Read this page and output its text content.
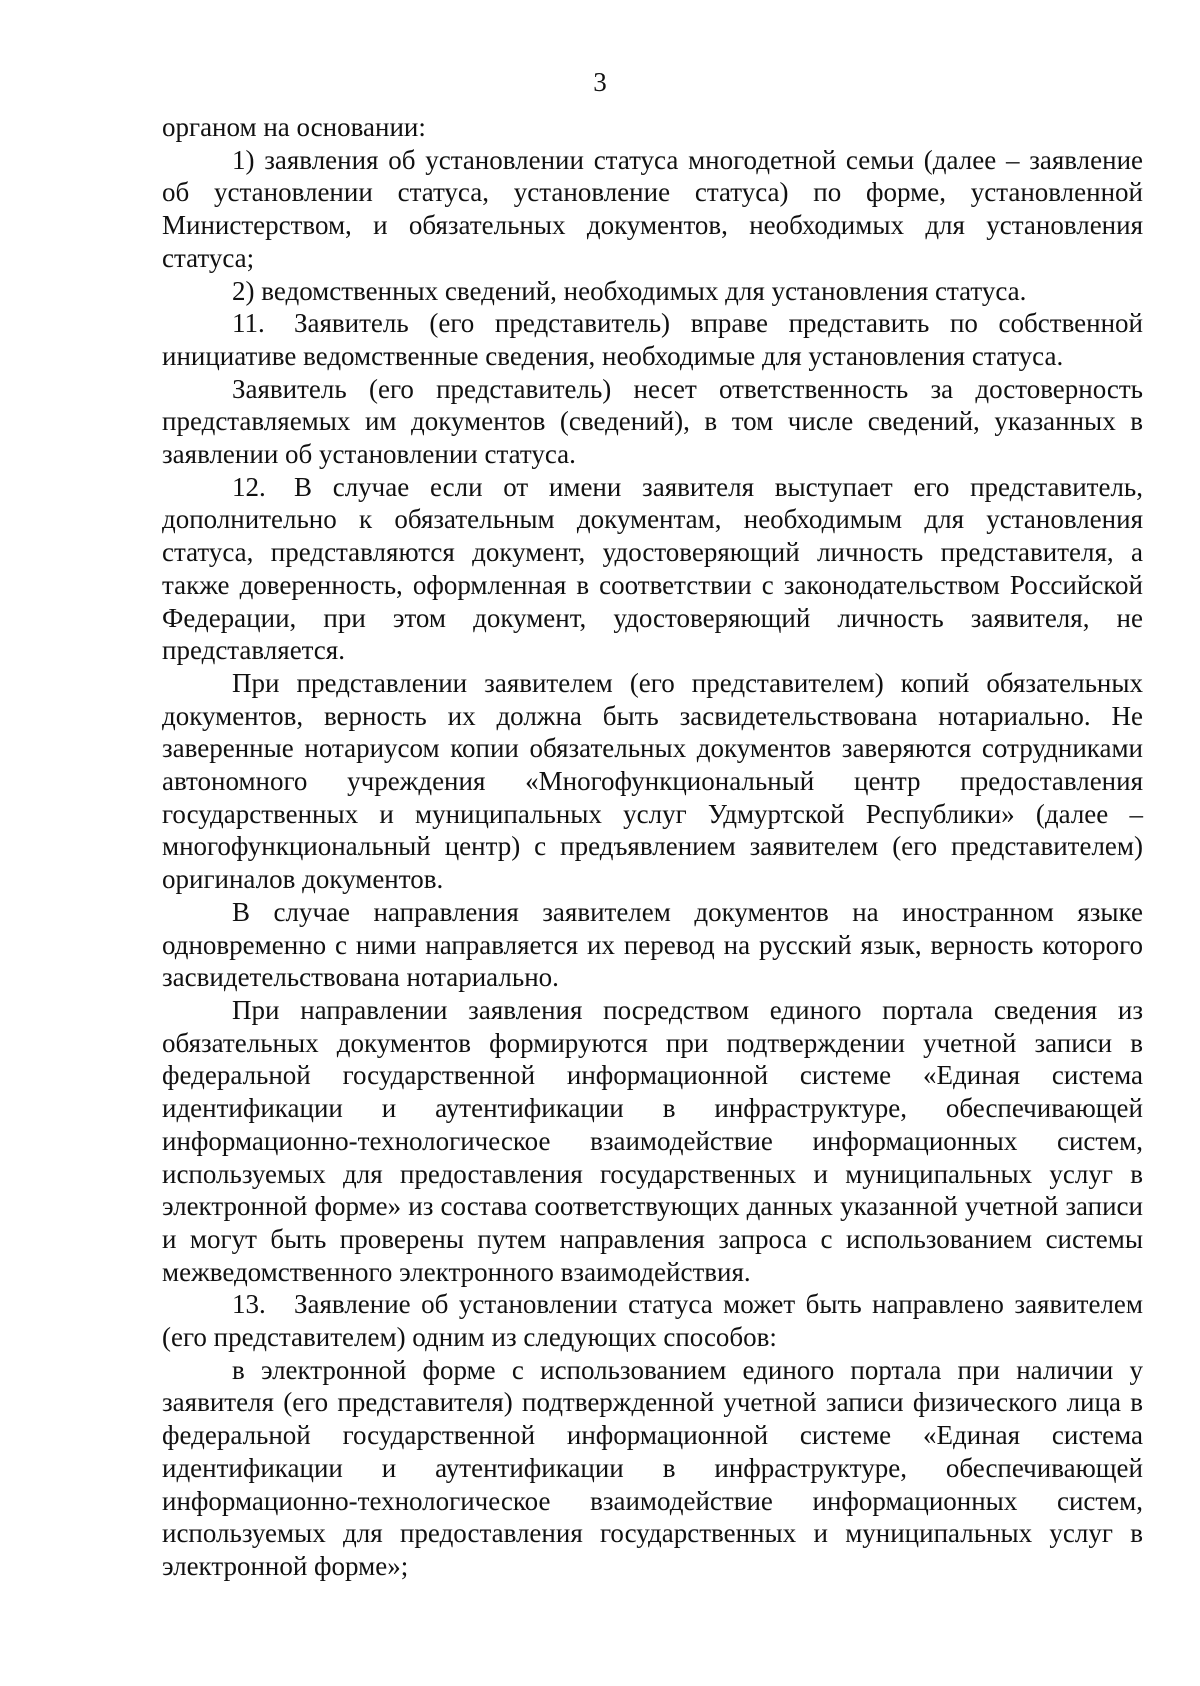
3

органом на основании:

1) заявления об установлении статуса многодетной семьи (далее – заявление об установлении статуса, установление статуса) по форме, установленной Министерством, и обязательных документов, необходимых для установления статуса;

2) ведомственных сведений, необходимых для установления статуса.

11. Заявитель (его представитель) вправе представить по собственной инициативе ведомственные сведения, необходимые для установления статуса.

Заявитель (его представитель) несет ответственность за достоверность представляемых им документов (сведений), в том числе сведений, указанных в заявлении об установлении статуса.

12. В случае если от имени заявителя выступает его представитель, дополнительно к обязательным документам, необходимым для установления статуса, представляются документ, удостоверяющий личность представителя, а также доверенность, оформленная в соответствии с законодательством Российской Федерации, при этом документ, удостоверяющий личность заявителя, не представляется.

При представлении заявителем (его представителем) копий обязательных документов, верность их должна быть засвидетельствована нотариально. Не заверенные нотариусом копии обязательных документов заверяются сотрудниками автономного учреждения «Многофункциональный центр предоставления государственных и муниципальных услуг Удмуртской Республики» (далее – многофункциональный центр) с предъявлением заявителем (его представителем) оригиналов документов.

В случае направления заявителем документов на иностранном языке одновременно с ними направляется их перевод на русский язык, верность которого засвидетельствована нотариально.

При направлении заявления посредством единого портала сведения из обязательных документов формируются при подтверждении учетной записи в федеральной государственной информационной системе «Единая система идентификации и аутентификации в инфраструктуре, обеспечивающей информационно-технологическое взаимодействие информационных систем, используемых для предоставления государственных и муниципальных услуг в электронной форме» из состава соответствующих данных указанной учетной записи и могут быть проверены путем направления запроса с использованием системы межведомственного электронного взаимодействия.

13. Заявление об установлении статуса может быть направлено заявителем (его представителем) одним из следующих способов:

в электронной форме с использованием единого портала при наличии у заявителя (его представителя) подтвержденной учетной записи физического лица в федеральной государственной информационной системе «Единая система идентификации и аутентификации в инфраструктуре, обеспечивающей информационно-технологическое взаимодействие информационных систем, используемых для предоставления государственных и муниципальных услуг в электронной форме»;
